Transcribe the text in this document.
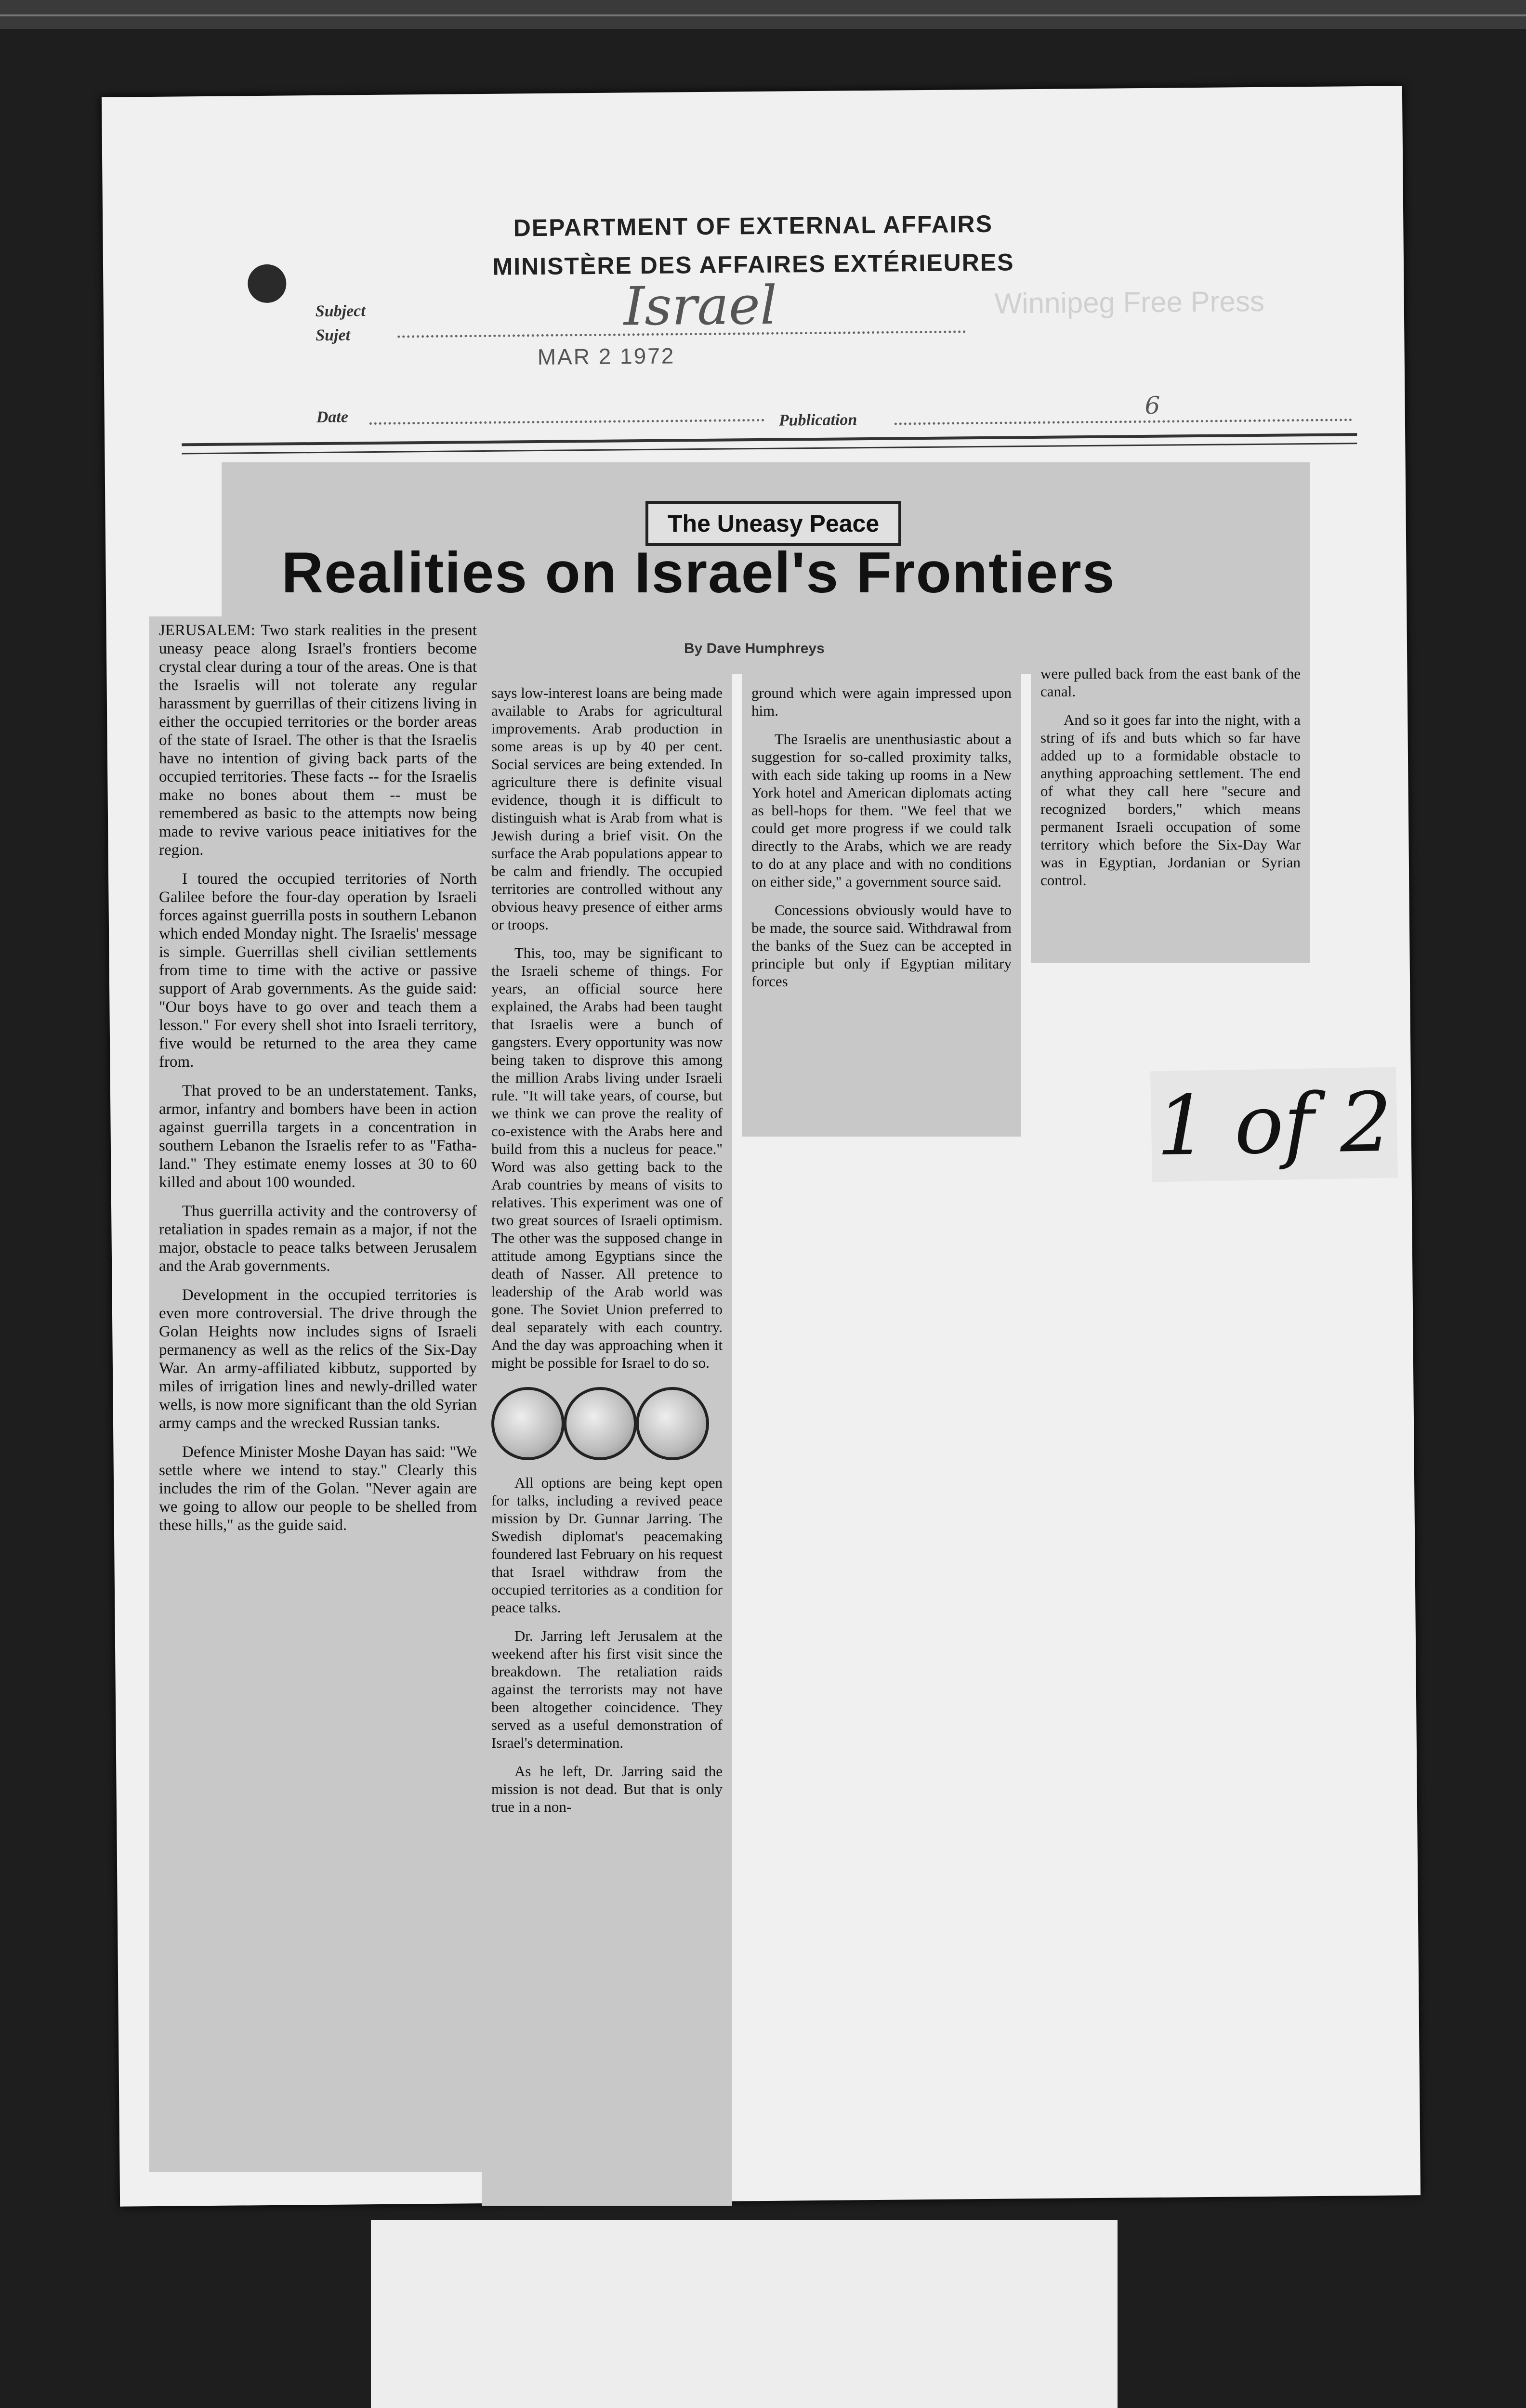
DEPARTMENT OF EXTERNAL AFFAIRS
MINISTÈRE DES AFFAIRES EXTÉRIEURES
Subject
Sujet	Israel
MAR 2 1972
Winnipeg Free Press
Date	Publication
6
The Uneasy Peace
Realities on Israel's Frontiers
By Dave Humphreys

JERUSALEM: Two stark realities in the present uneasy peace along Israel's frontiers become crystal clear during a tour of the areas. One is that the Israelis will not tolerate any regular harassment by guerrillas of their citizens living in either the occupied territories or the border areas of the state of Israel. The other is that the Israelis have no intention of giving back parts of the occupied territories. These facts -- for the Israelis make no bones about them -- must be remembered as basic to the attempts now being made to revive various peace initiatives for the region.

I toured the occupied territories of North Galilee before the four-day operation by Israeli forces against guerrilla posts in southern Lebanon which ended Monday night. The Israelis' message is simple. Guerrillas shell civilian settlements from time to time with the active or passive support of Arab governments. As the guide said: "Our boys have to go over and teach them a lesson." For every shell shot into Israeli territory, five would be returned to the area they came from.

That proved to be an understatement. Tanks, armor, infantry and bombers have been in action against guerrilla targets in a concentration in southern Lebanon the Israelis refer to as "Fatha-land." They estimate enemy losses at 30 to 60 killed and about 100 wounded.

Thus guerrilla activity and the controversy of retaliation in spades remain as a major, if not the major, obstacle to peace talks between Jerusalem and the Arab governments.

Development in the occupied territories is even more controversial. The drive through the Golan Heights now includes signs of Israeli permanency as well as the relics of the Six-Day War. An army-affiliated kibbutz, supported by miles of irrigation lines and newly-drilled water wells, is now more significant than the old Syrian army camps and the wrecked Russian tanks.

Defence Minister Moshe Dayan has said: "We settle where we intend to stay." Clearly this includes the rim of the Golan. "Never again are we going to allow our people to be shelled from these hills," as the guide said.

says low-interest loans are being made available to Arabs for agricultural improvements. Arab production in some areas is up by 40 per cent. Social services are being extended. In agriculture there is definite visual evidence, though it is difficult to distinguish what is Arab from what is Jewish during a brief visit. On the surface the Arab populations appear to be calm and friendly. The occupied territories are controlled without any obvious heavy presence of either arms or troops.

This, too, may be significant to the Israeli scheme of things. For years, an official source here explained, the Arabs had been taught that Israelis were a bunch of gangsters. Every opportunity was now being taken to disprove this among the million Arabs living under Israeli rule. "It will take years, of course, but we think we can prove the reality of co-existence with the Arabs here and build from this a nucleus for peace." Word was also getting back to the Arab countries by means of visits to relatives. This experiment was one of two great sources of Israeli optimism. The other was the supposed change in attitude among Egyptians since the death of Nasser. All pretence to leadership of the Arab world was gone. The Soviet Union preferred to deal separately with each country. And the day was approaching when it might be possible for Israel to do so.

All options are being kept open for talks, including a revived peace mission by Dr. Gunnar Jarring. The Swedish diplomat's peacemaking foundered last February on his request that Israel withdraw from the occupied territories as a condition for peace talks.

Dr. Jarring left Jerusalem at the weekend after his first visit since the breakdown. The retaliation raids against the terrorists may not have been altogether coincidence. They served as a useful demonstration of Israel's determination.

As he left, Dr. Jarring said the mission is not dead. But that is only true in a non-

ground which were again impressed upon him.

The Israelis are unenthusiastic about a suggestion for so-called proximity talks, with each side taking up rooms in a New York hotel and American diplomats acting as bell-hops for them. "We feel that we could get more progress if we could talk directly to the Arabs, which we are ready to do at any place and with no conditions on either side," a government source said.

Concessions obviously would have to be made, the source said. Withdrawal from the banks of the Suez can be accepted in principle but only if Egyptian military forces

were pulled back from the east bank of the canal.

And so it goes far into the night, with a string of ifs and buts which so far have added up to a formidable obstacle to anything approaching settlement. The end of what they call here "secure and recognized borders," which means permanent Israeli occupation of some territory which before the Six-Day War was in Egyptian, Jordanian or Syrian control.

1 of 2
